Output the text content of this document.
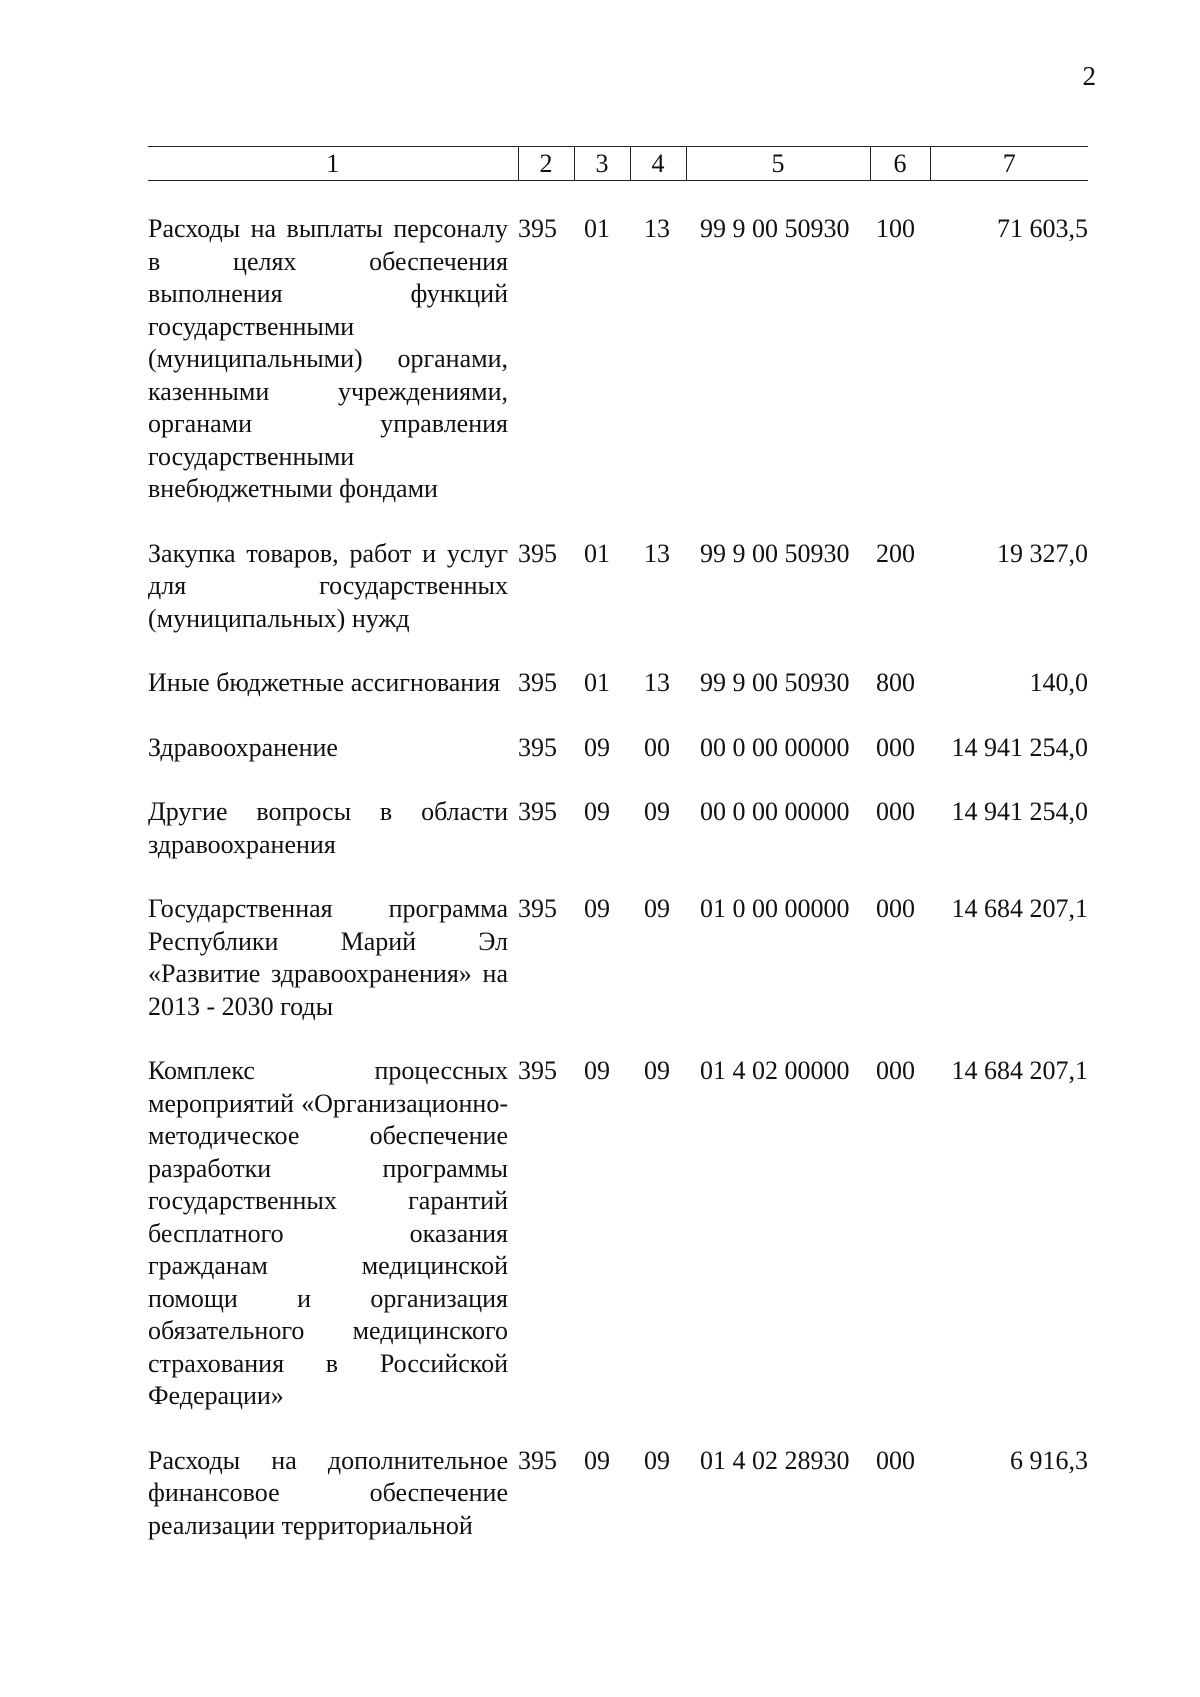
2
1	2	3	4	5	6	7

Расходы на выплаты персоналу в целях обеспечения выполнения функций государственными (муниципальными) органами, казенными учреждениями, органами управления государственными внебюджетными фондами	395	01	13	99 9 00 50930	100	71 603,5

Закупка товаров, работ и услуг для государственных (муниципальных) нужд	395	01	13	99 9 00 50930	200	19 327,0

Иные бюджетные ассигнования	395	01	13	99 9 00 50930	800	140,0

Здравоохранение	395	09	00	00 0 00 00000	000	14 941 254,0

Другие вопросы в области здравоохранения	395	09	09	00 0 00 00000	000	14 941 254,0

Государственная программа Республики Марий Эл «Развитие здравоохранения» на 2013 - 2030 годы	395	09	09	01 0 00 00000	000	14 684 207,1

Комплекс процессных мероприятий «Организационно-методическое обеспечение разработки программы государственных гарантий бесплатного оказания гражданам медицинской помощи и организация обязательного медицинского страхования в Российской Федерации»	395	09	09	01 4 02 00000	000	14 684 207,1

Расходы на дополнительное финансовое обеспечение реализации территориальной	395	09	09	01 4 02 28930	000	6 916,3
